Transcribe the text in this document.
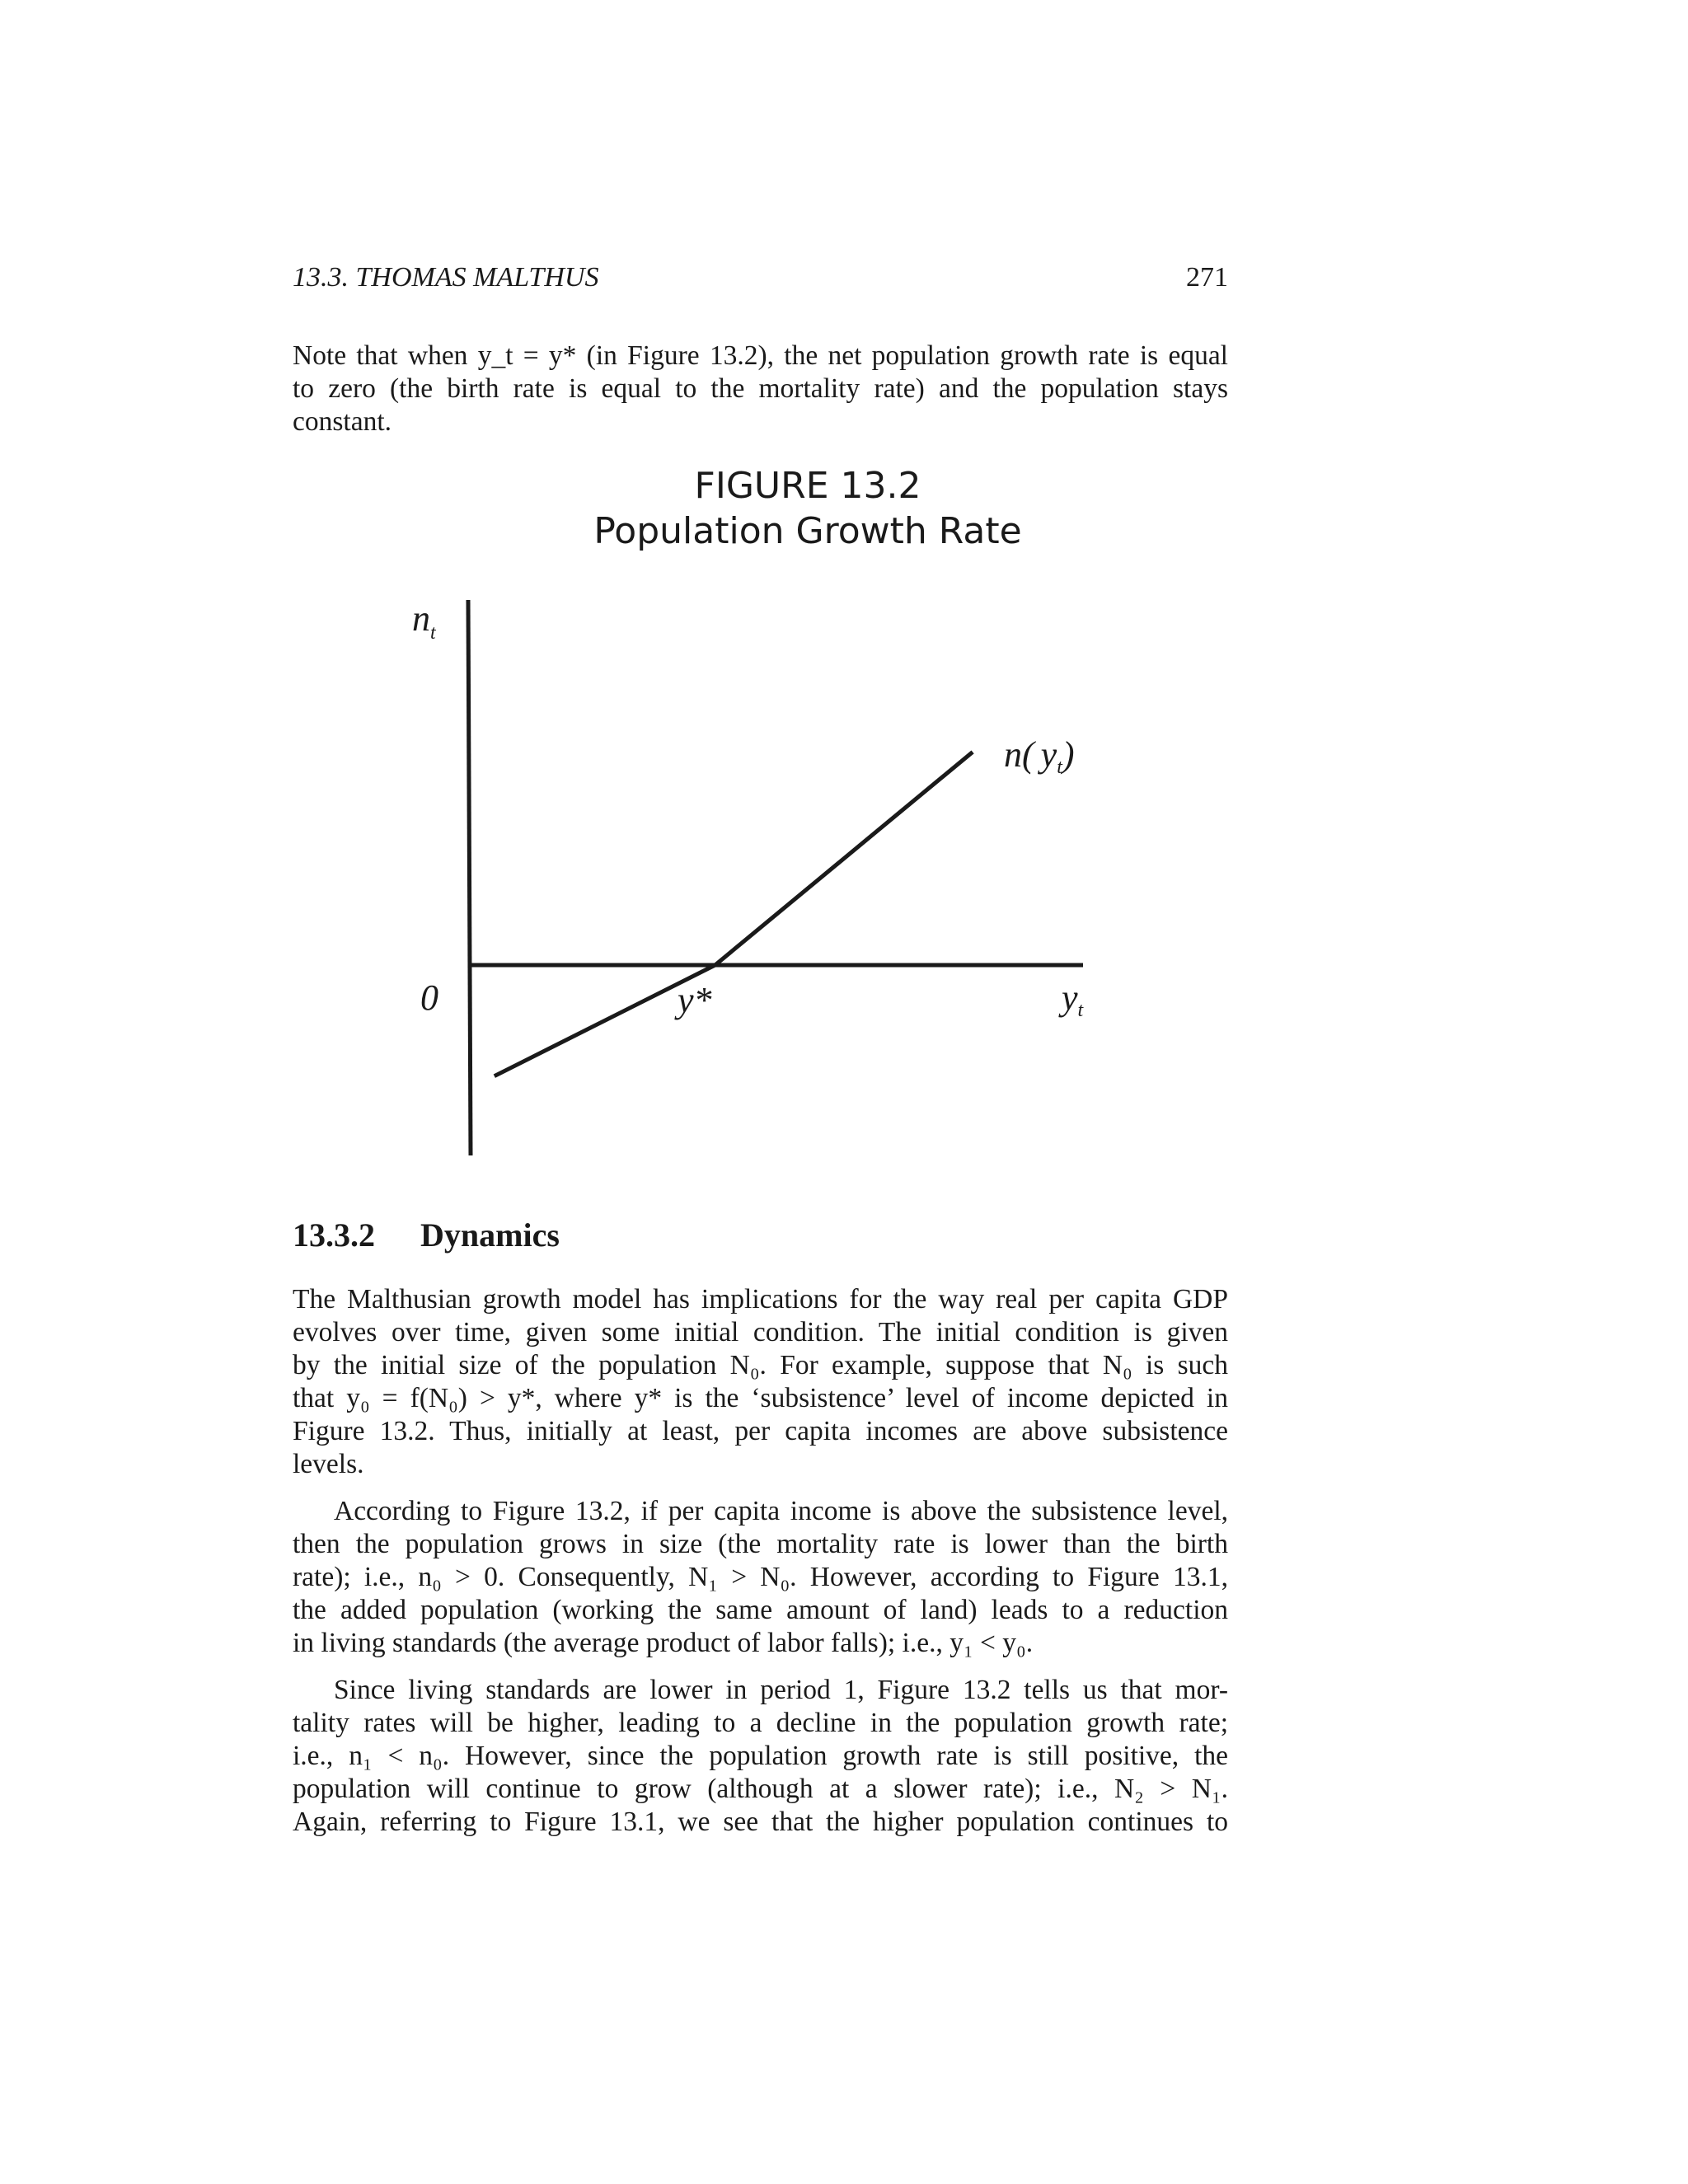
13.3. THOMAS MALTHUS	271
Note that when y_t = y* (in Figure 13.2), the net population growth rate is equal
to zero (the birth rate is equal to the mortality rate) and the population stays
constant.
FIGURE 13.2
Population Growth Rate
$n_t$
0	y*	yt
n( yt)
13.3.2 Dynamics
The Malthusian growth model has implications for the way real per capita GDP
evolves over time, given some initial condition. The initial condition is given
by the initial size of the population N₀. For example, suppose that N₀ is such
that y₀ = f(N₀) > y*, where y* is the ‘subsistence’ level of income depicted in
Figure 13.2. Thus, initially at least, per capita incomes are above subsistence
levels.
According to Figure 13.2, if per capita income is above the subsistence level,
then the population grows in size (the mortality rate is lower than the birth
rate); i.e., n₀ > 0. Consequently, N₁ > N₀. However, according to Figure 13.1,
the added population (working the same amount of land) leads to a reduction
in living standards (the average product of labor falls); i.e., y₁ < y₀.
Since living standards are lower in period 1, Figure 13.2 tells us that mor-
tality rates will be higher, leading to a decline in the population growth rate;
i.e., n₁ < n₀. However, since the population growth rate is still positive, the
population will continue to grow (although at a slower rate); i.e., N₂ > N₁.
Again, referring to Figure 13.1, we see that the higher population continues to
